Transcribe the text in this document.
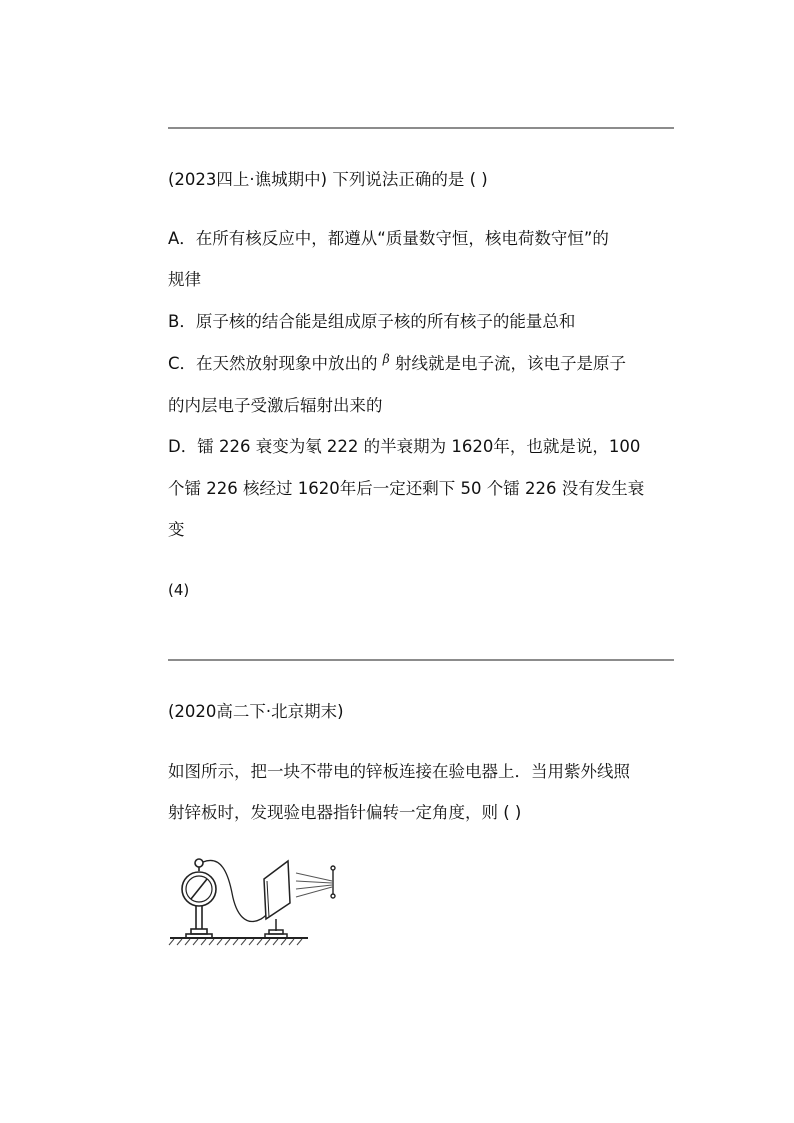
(2023四上·谯城期中) 下列说法正确的是 ( )
A．在所有核反应中，都遵从“质量数守恒，核电荷数守恒”的
规律
B．原子核的结合能是组成原子核的所有核子的能量总和
C．在天然放射现象中放出的 $^\beta$ 射线就是电子流，该电子是原子
的内层电子受激后辐射出来的
D．镭 226 衰变为氡 222 的半衰期为 1620年，也就是说，100
个镭 226 核经过 1620年后一定还剩下 50 个镭 226 没有发生衰
变
(4)
(2020高二下·北京期末)
如图所示，把一块不带电的锌板连接在验电器上．当用紫外线照
射锌板时，发现验电器指针偏转一定角度，则 ( )
